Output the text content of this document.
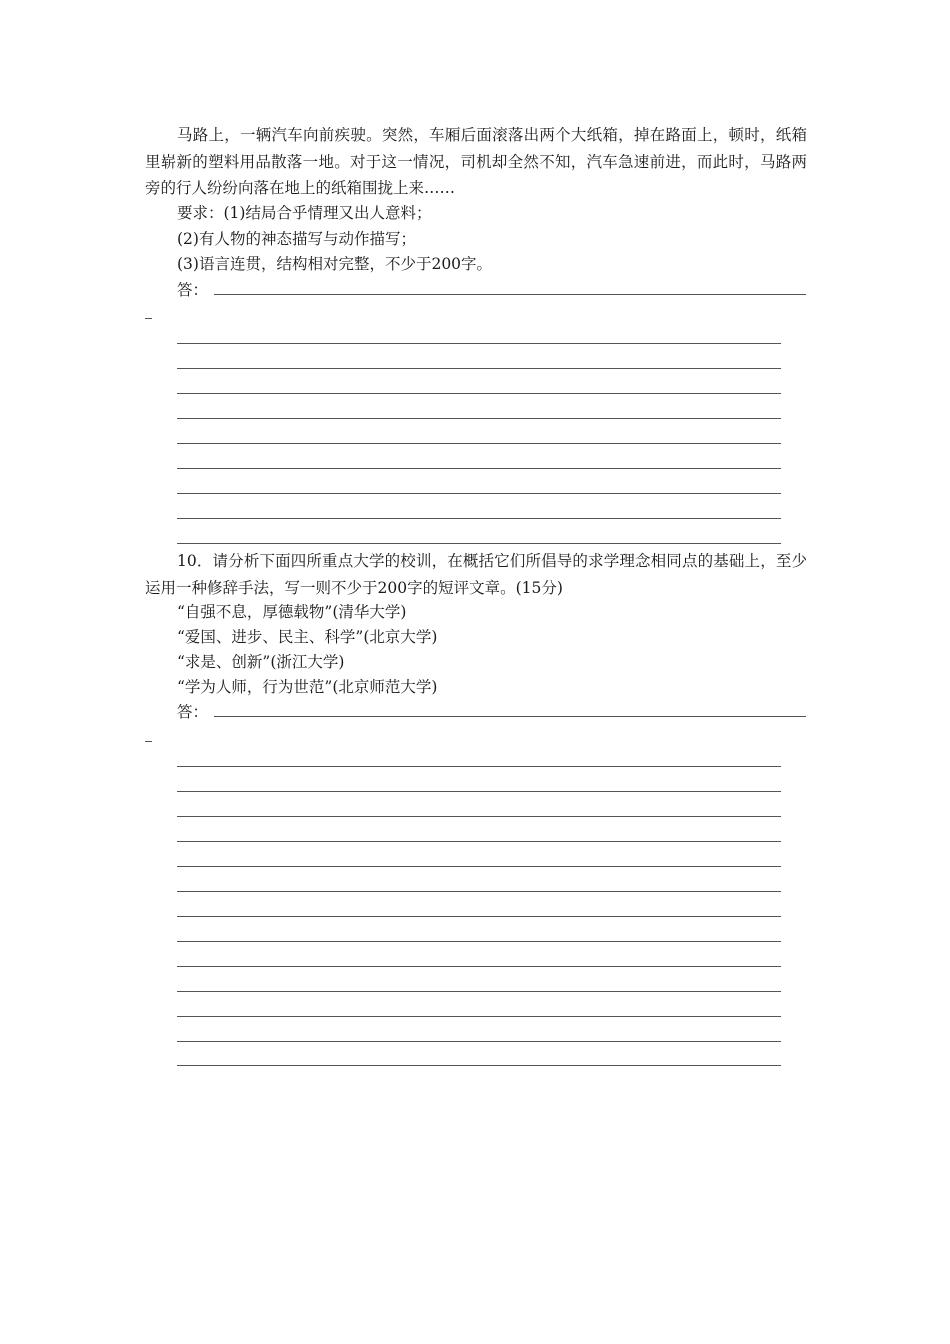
马路上，一辆汽车向前疾驶。突然，车厢后面滚落出两个大纸箱，掉在路面上，顿时，纸箱里崭新的塑料用品散落一地。对于这一情况，司机却全然不知，汽车急速前进，而此时，马路两旁的行人纷纷向落在地上的纸箱围拢上来……
要求：(1)结局合乎情理又出人意料；
(2)有人物的神态描写与动作描写；
(3)语言连贯，结构相对完整，不少于200字。
答：
10．请分析下面四所重点大学的校训，在概括它们所倡导的求学理念相同点的基础上，至少运用一种修辞手法，写一则不少于200字的短评文章。(15分)
“自强不息，厚德载物”(清华大学)
“爱国、进步、民主、科学”(北京大学)
“求是、创新”(浙江大学)
“学为人师，行为世范”(北京师范大学)
答：
